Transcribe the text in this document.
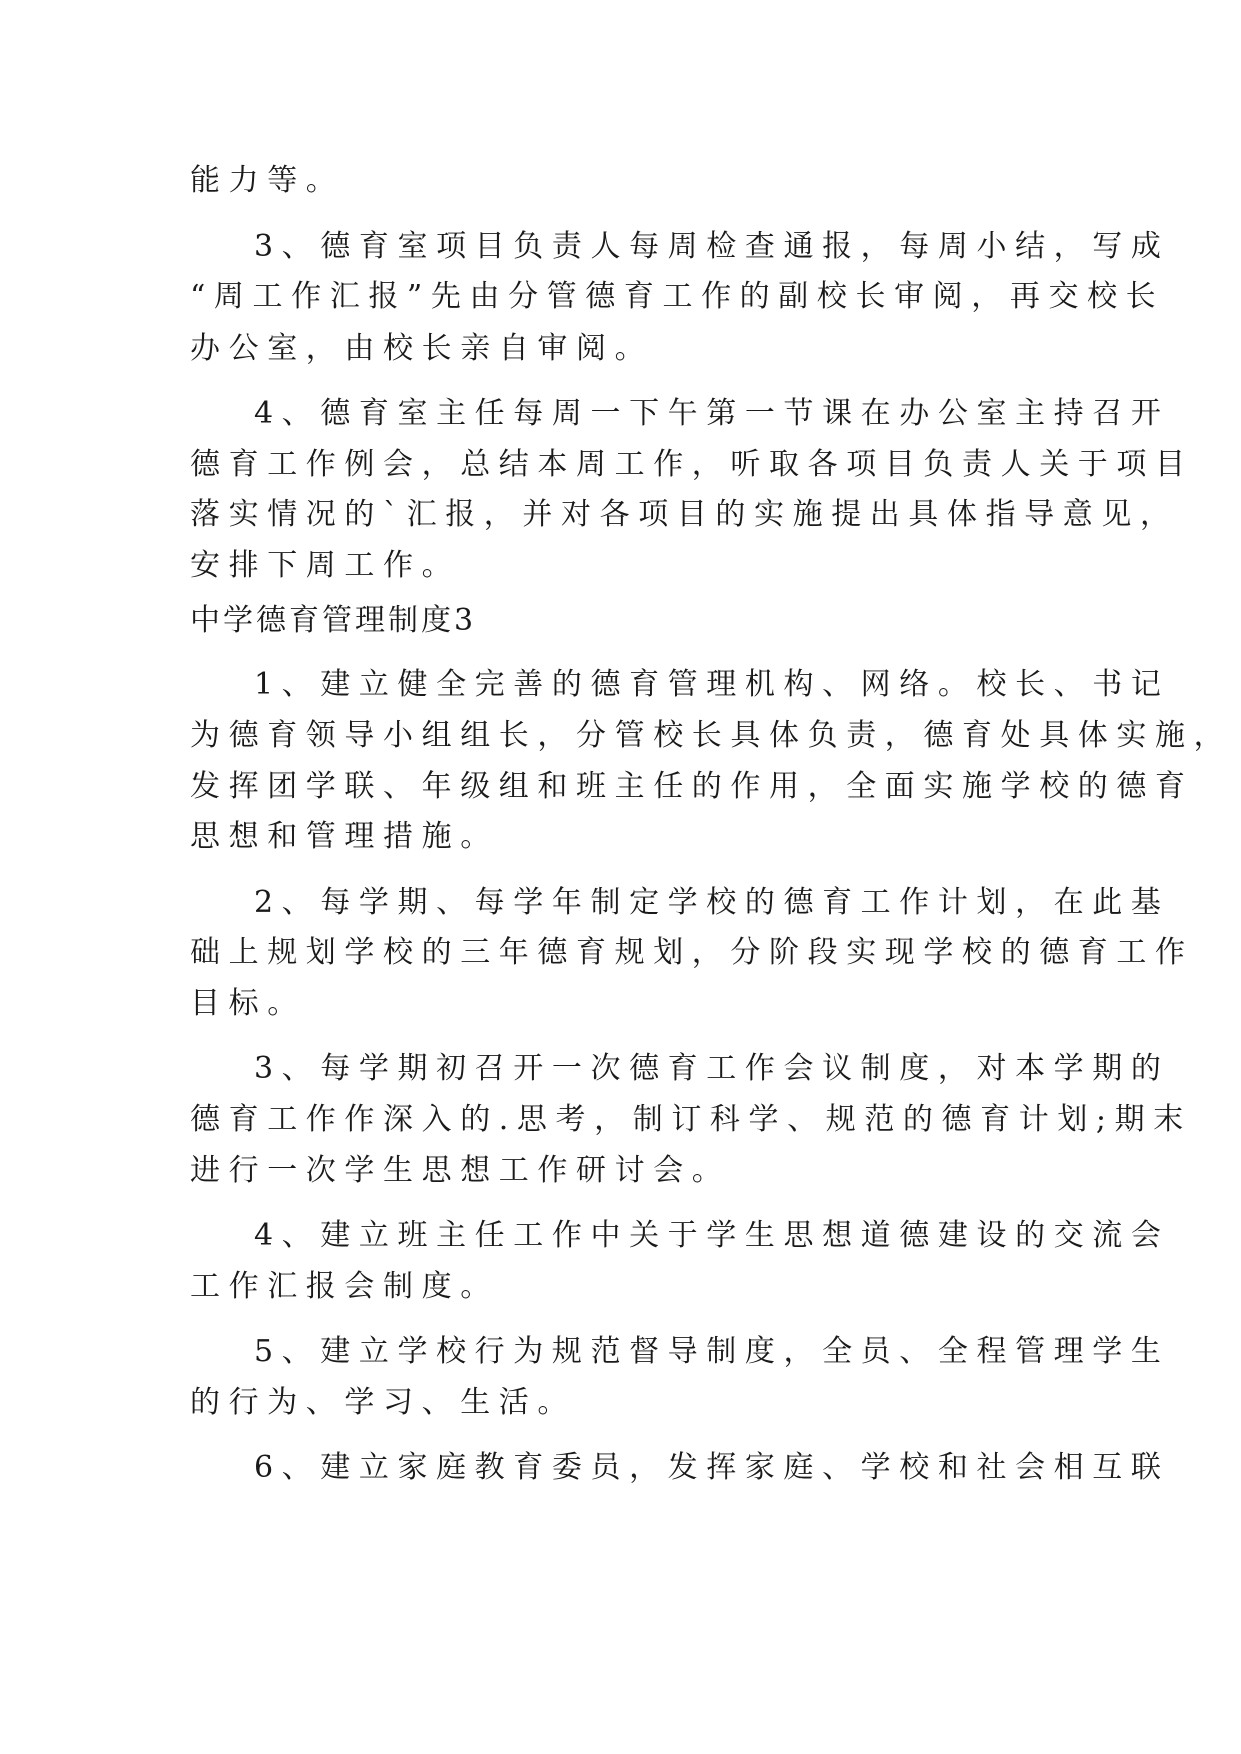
能力等。
3、德育室项目负责人每周检查通报，每周小结，写成
“周工作汇报”先由分管德育工作的副校长审阅，再交校长
办公室，由校长亲自审阅。
4、德育室主任每周一下午第一节课在办公室主持召开
德育工作例会，总结本周工作，听取各项目负责人关于项目
落实情况的`汇报，并对各项目的实施提出具体指导意见，
安排下周工作。
中学德育管理制度3
1、建立健全完善的德育管理机构、网络。校长、书记
为德育领导小组组长，分管校长具体负责，德育处具体实施，
发挥团学联、年级组和班主任的作用，全面实施学校的德育
思想和管理措施。
2、每学期、每学年制定学校的德育工作计划，在此基
础上规划学校的三年德育规划，分阶段实现学校的德育工作
目标。
3、每学期初召开一次德育工作会议制度，对本学期的
德育工作作深入的.思考，制订科学、规范的德育计划;期末
进行一次学生思想工作研讨会。
4、建立班主任工作中关于学生思想道德建设的交流会
工作汇报会制度。
5、建立学校行为规范督导制度，全员、全程管理学生
的行为、学习、生活。
6、建立家庭教育委员，发挥家庭、学校和社会相互联
